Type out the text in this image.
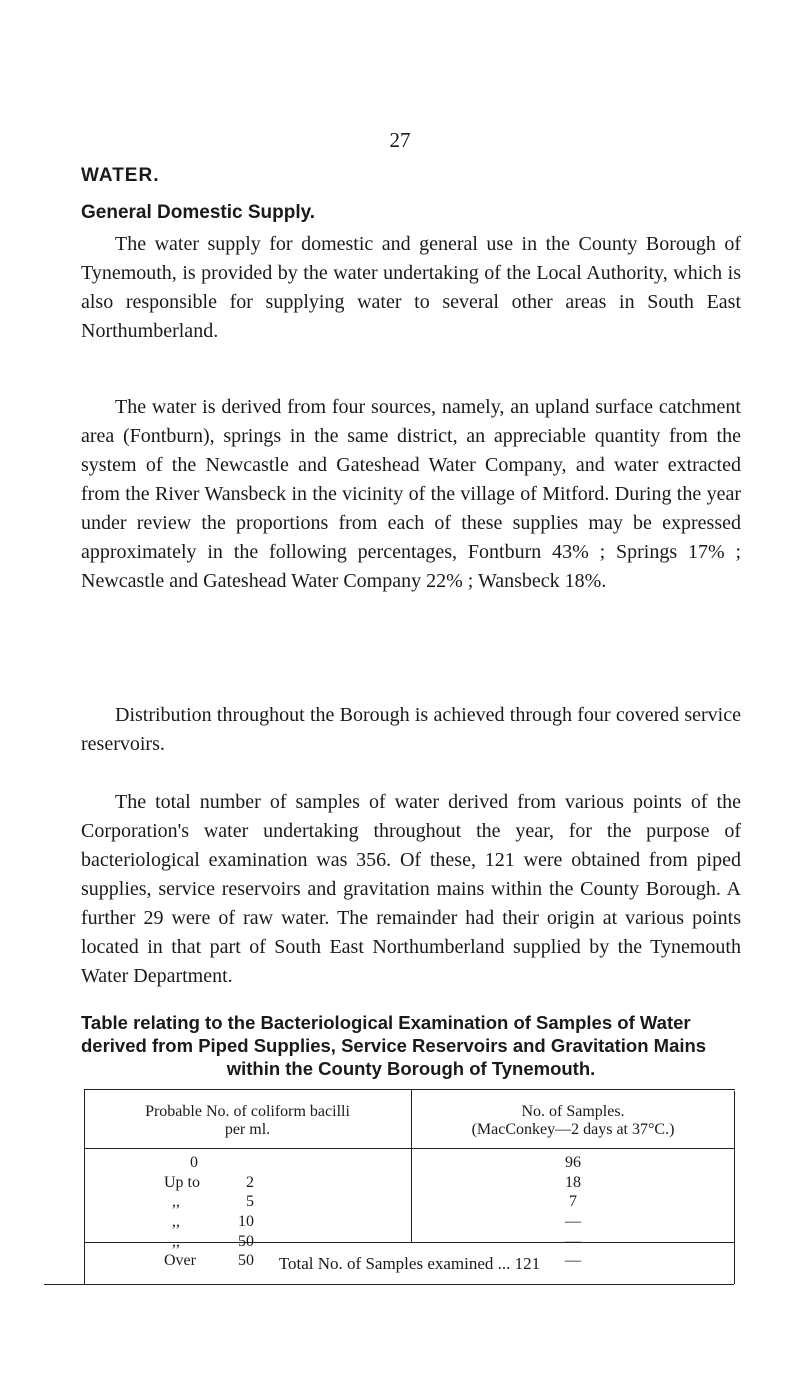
27
WATER.
General Domestic Supply.

The water supply for domestic and general use in the County Borough of Tynemouth, is provided by the water undertaking of the Local Authority, which is also responsible for supplying water to several other areas in South East Northumberland.

The water is derived from four sources, namely, an upland surface catchment area (Fontburn), springs in the same district, an appreciable quantity from the system of the Newcastle and Gateshead Water Company, and water extracted from the River Wansbeck in the vicinity of the village of Mitford. During the year under review the proportions from each of these supplies may be expressed approximately in the following percentages, Fontburn 43% ; Springs 17% ; Newcastle and Gateshead Water Company 22% ; Wansbeck 18%.

Distribution throughout the Borough is achieved through four covered service reservoirs.

The total number of samples of water derived from various points of the Corporation's water undertaking throughout the year, for the purpose of bacteriological examination was 356. Of these, 121 were obtained from piped supplies, service reservoirs and gravitation mains within the County Borough. A further 29 were of raw water. The remainder had their origin at various points located in that part of South East Northumberland supplied by the Tynemouth Water Department.

Table relating to the Bacteriological Examination of Samples of Water
derived from Piped Supplies, Service Reservoirs and Gravitation Mains
within the County Borough of Tynemouth.
Probable No. of coliform bacilli
per ml.
No. of Samples.
(MacConkey—2 days at 37°C.)
Up to
,,
,,
,,
Over
0
2
5
10
50
50
96
18
7
—
—
—
Total No. of Samples examined ... 121
